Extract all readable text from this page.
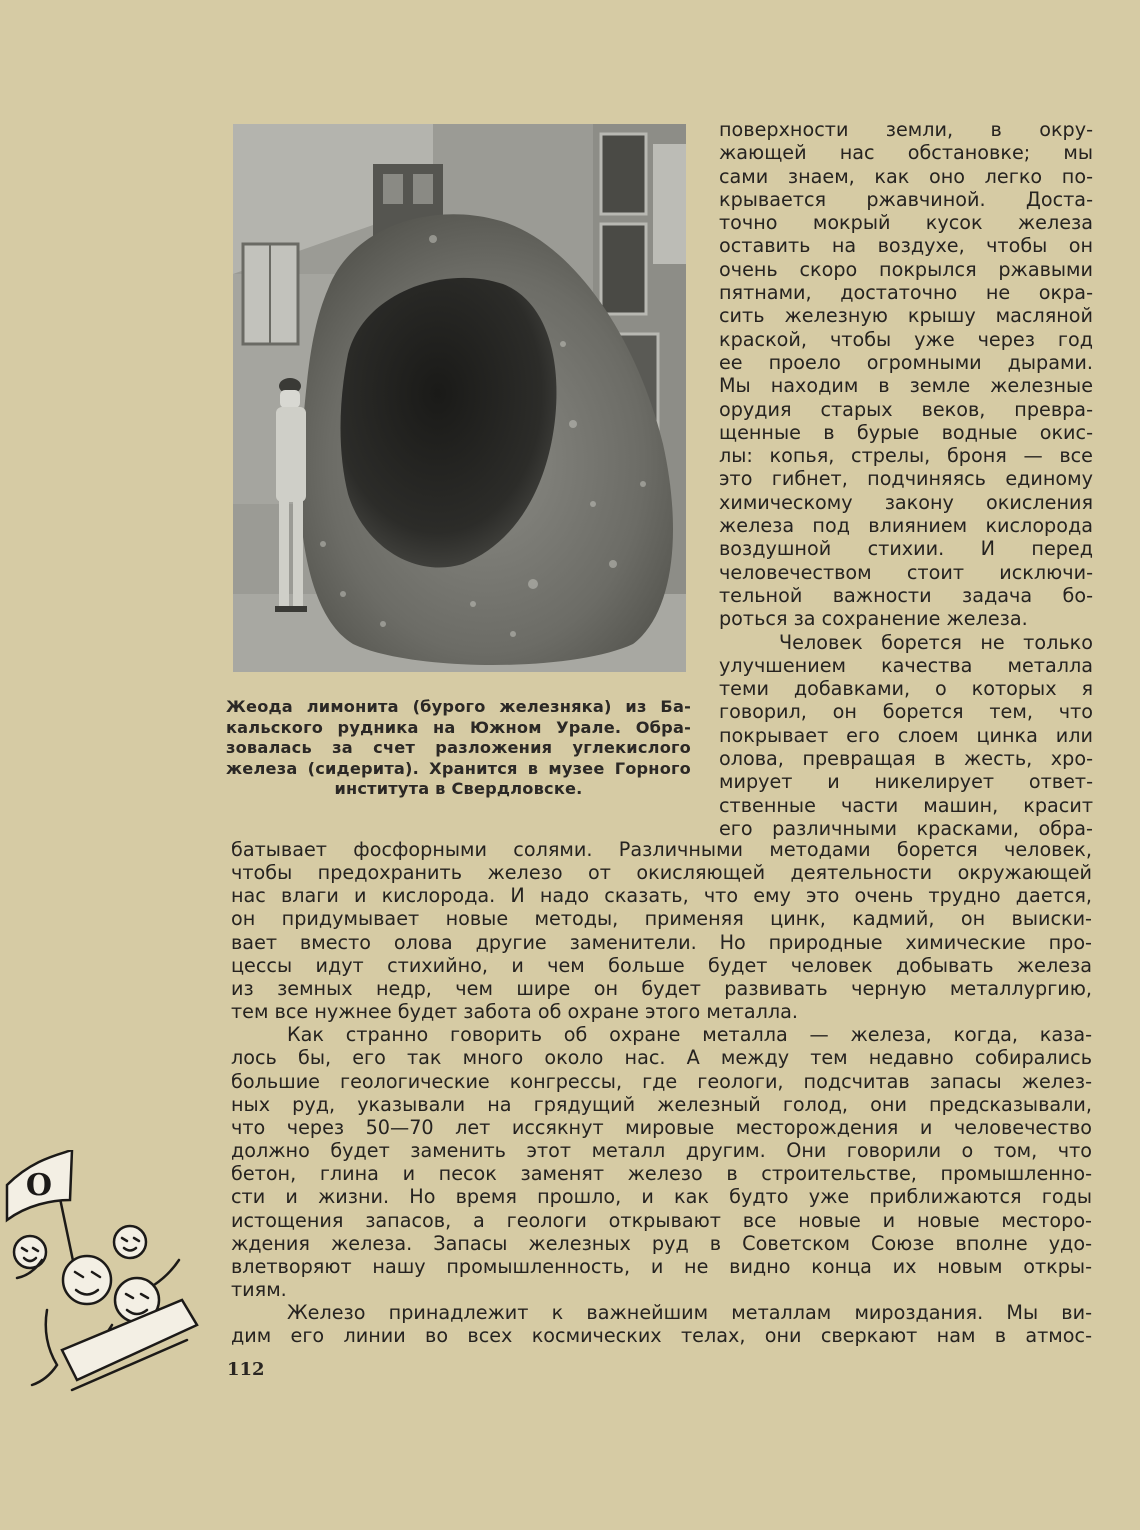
Жеода лимонита (бурого железняка) из Ба-
кальского рудника на Южном Урале. Обра-
зовалась за счет разложения углекислого
железа (сидерита). Хранится в музее Горного
института в Свердловске.
поверхности земли, в окру-
жающей нас обстановке; мы
сами знаем, как оно легко по-
крывается ржавчиной. Доста-
точно мокрый кусок железа
оставить на воздухе, чтобы он
очень скоро покрылся ржавыми
пятнами, достаточно не окра-
сить железную крышу масляной
краской, чтобы уже через год
ее проело огромными дырами.
Мы находим в земле железные
орудия старых веков, превра-
щенные в бурые водные окис-
лы: копья, стрелы, броня — все
это гибнет, подчиняясь единому
химическому закону окисления
железа под влиянием кислорода
воздушной стихии. И перед
человечеством стоит исключи-
тельной важности задача бо-
роться за сохранение железа.
Человек борется не только
улучшением качества металла
теми добавками, о которых я
говорил, он борется тем, что
покрывает его слоем цинка или
олова, превращая в жесть, хро-
мирует и никелирует ответ-
ственные части машин, красит
его различными красками, обра-
батывает фосфорными солями. Различными методами борется человек,
чтобы предохранить железо от окисляющей деятельности окружающей
нас влаги и кислорода. И надо сказать, что ему это очень трудно дается,
он придумывает новые методы, применяя цинк, кадмий, он выиски-
вает вместо олова другие заменители. Но природные химические про-
цессы идут стихийно, и чем больше будет человек добывать железа
из земных недр, чем шире он будет развивать черную металлургию,
тем все нужнее будет забота об охране этого металла.
Как странно говорить об охране металла — железа, когда, каза-
лось бы, его так много около нас. А между тем недавно собирались
большие геологические конгрессы, где геологи, подсчитав запасы желез-
ных руд, указывали на грядущий железный голод, они предсказывали,
что через 50—70 лет иссякнут мировые месторождения и человечество
должно будет заменить этот металл другим. Они говорили о том, что
бетон, глина и песок заменят железо в строительстве, промышленно-
сти и жизни. Но время прошло, и как будто уже приближаются годы
истощения запасов, а геологи открывают все новые и новые месторо-
ждения железа. Запасы железных руд в Советском Союзе вполне удо-
влетворяют нашу промышленность, и не видно конца их новым откры-
тиям.
Железо принадлежит к важнейшим металлам мироздания. Мы ви-
дим его линии во всех космических телах, они сверкают нам в атмос-
O
112
